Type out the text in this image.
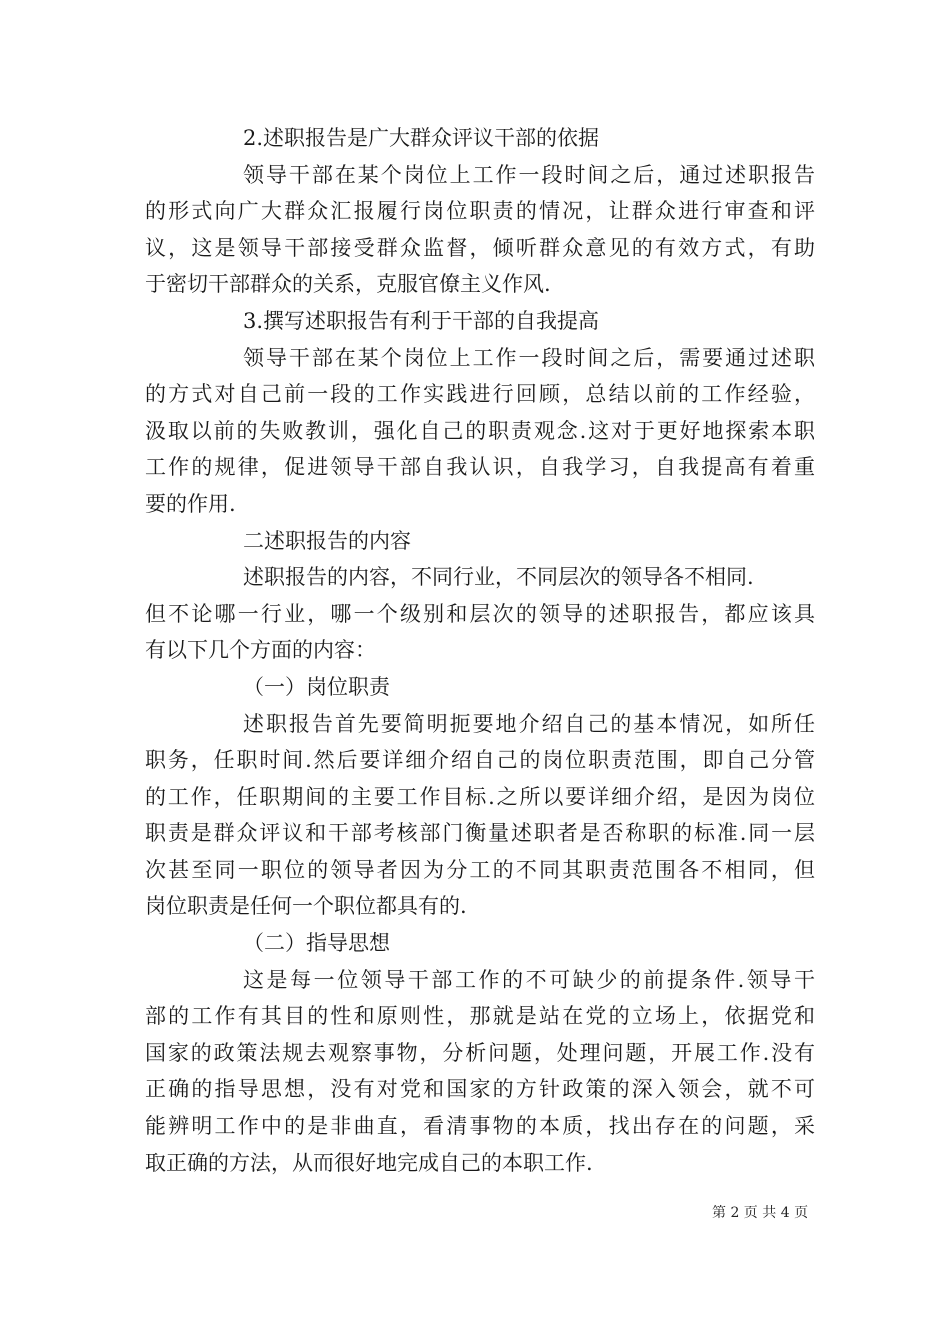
2.述职报告是广大群众评议干部的依据
领导干部在某个岗位上工作一段时间之后，通过述职报告
的形式向广大群众汇报履行岗位职责的情况，让群众进行审查和评
议，这是领导干部接受群众监督，倾听群众意见的有效方式，有助
于密切干部群众的关系，克服官僚主义作风.
3.撰写述职报告有利于干部的自我提高
领导干部在某个岗位上工作一段时间之后，需要通过述职
的方式对自己前一段的工作实践进行回顾，总结以前的工作经验，
汲取以前的失败教训，强化自己的职责观念.这对于更好地探索本职
工作的规律，促进领导干部自我认识，自我学习，自我提高有着重
要的作用.
二述职报告的内容
述职报告的内容，不同行业，不同层次的领导各不相同.
但不论哪一行业，哪一个级别和层次的领导的述职报告，都应该具
有以下几个方面的内容：
（一）岗位职责
述职报告首先要简明扼要地介绍自己的基本情况，如所任
职务，任职时间.然后要详细介绍自己的岗位职责范围，即自己分管
的工作，任职期间的主要工作目标.之所以要详细介绍，是因为岗位
职责是群众评议和干部考核部门衡量述职者是否称职的标准.同一层
次甚至同一职位的领导者因为分工的不同其职责范围各不相同，但
岗位职责是任何一个职位都具有的.
（二）指导思想
这是每一位领导干部工作的不可缺少的前提条件.领导干
部的工作有其目的性和原则性，那就是站在党的立场上，依据党和
国家的政策法规去观察事物，分析问题，处理问题，开展工作.没有
正确的指导思想，没有对党和国家的方针政策的深入领会，就不可
能辨明工作中的是非曲直，看清事物的本质，找出存在的问题，采
取正确的方法，从而很好地完成自己的本职工作.
第 2 页 共 4 页
